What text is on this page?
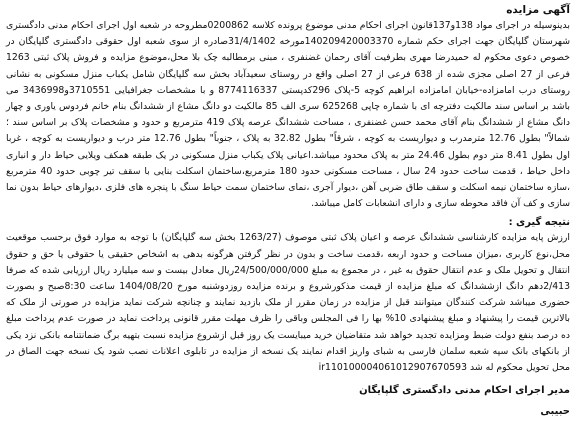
آگهی مزایده

بدینوسیله در اجرای مواد 138و137قانون اجرای احکام مدنی موضوع پرونده کلاسه 0200862مطروحه در شعبه اول اجرای احکام مدنی دادگستری شهرستان گلپایگان جهت اجرای حکم شماره 140209420003370مورخه 31/4/1402صادره از سوی شعبه اول حقوقی دادگستری گلپایگان در خصوص دعوی محکوم له حمیدرضا مهری بطرفیت آقای رحمان غضنفری ، مبنی برمطالبه چک بلا محل،موضوع مزایده و فروش پلاک ثبتی 1263 فرعی از 27 اصلی مجزی شده از 638 فرعی از 27 اصلی واقع در روستای سعیدآباد بخش سه گلپایگان شامل یکباب منزل مسکونی به نشانی روستای درب امامزاده-خیابان امامزاده ابراهیم کوچه 5-پلاک 296کدپستی 8774116337 و با مشخصات جغرافیایی 3710551و3436998 می باشد بر اساس سند مالکیت دفترچه ای با شماره چاپی 625268 سری الف 85 مالکیت دو دانگ مشاع از ششدانگ بنام خانم فردوس یاوری و چهار دانگ مشاع از ششدانگ بنام آقای محمد حسن غضنفری ، مساحت ششدانگ عرصه پلاک 419 مترمربع و حدود و مشخصات پلاک بر اساس سند ؛ شمالاً" بطول 12.76 مترمدرب و دیواریست به کوچه ، شرقاً" بطول 32.82 به پلاک ، جنوباً" بطول 12.76 متر درب و دیواریست به کوچه ، غربا اول بطول 8.41 متر دوم بطول 24.46 متر به پلاک محدود میباشد.اعیانی پلاک یکباب منزل مسکونی در یک طبقه همکف ویلایی حیاط دار و انباری داخل حیاط ، قدمت ساخت حدود 24 سال ، مساحت مسکونی حدود 180 مترمربع،ساختمان اسکلت بنایی با سقف تیر چوبی حدود 40 مترمربع ،سازه ساختمان نیمه اسکلت و سقف طاق ضربی آهن ،دیوار آجری ،نمای ساختمان سمت حیاط سنگ با پنجره های فلزی ،دیوارهای حیاط بدون نما سازی و کف آن فاقد محوطه سازی و دارای انشعابات کامل میباشد.

نتیجه گیری :

ارزش پایه مزایده کارشناسی ششدانگ عرصه و اعیان پلاک ثبتی موصوف (1263/27 بخش سه گلپایگان) با توجه به موارد فوق برحسب موقعیت محل،نوع کاربری ،میزان مساحت و حدود اربعه ،قدمت ساخت و بدون در نظر گرفتن هرگونه بدهی به اشخاص حقیقی یا حقوقی یا حق و حقوق انتقال و تحویل ملک و عدم انتقال حقوق به غیر ، در مجموع به مبلغ 24/500/000/000ریال معادل بیست و سه میلیارد ریال ارزیابی شده که صرفا 2/413دهم دانگ ازششدانگ که مبلغ مزایده از قیمت مذکورشروع و برنده مزایده روزدوشنبه مورخ 1404/08/20 ساعت 8:30صبح و بصورت حضوری میباشد شرکت کنندگان میتوانند قبل از مزایده در زمان مقرر از ملک بازدید نمایند و چنانچه شرکت نماید مزایده در صورتی از ملک که بالاترین قیمت را پیشنهاد و مبلغ پیشنهادی 10% بها را فی المجلس وباقی را ظرف مهلت مقرر قانونی پرداخت نماید در صورت عدم پرداخت مبلغ ده درصد بنفع دولت ضبط ومزایده تجدید خواهد شد متقاضیان خرید میبایست یک روز قبل ازشروع مزایده نسبت بتهیه برگ ضمانتنامه بانکی نزد یکی از بانکهای بانک سپه شعبه سلمان فارسی به شبای واریز اقدام نمایند یک نسخه از مزایده در تابلوی اعلانات نصب شود یک نسخه جهت الصاق در محل تحویل محکوم له شد ir110100004061012907670593

مدیر اجرای احکام مدنی دادگستری گلپایگان
حبیبی
